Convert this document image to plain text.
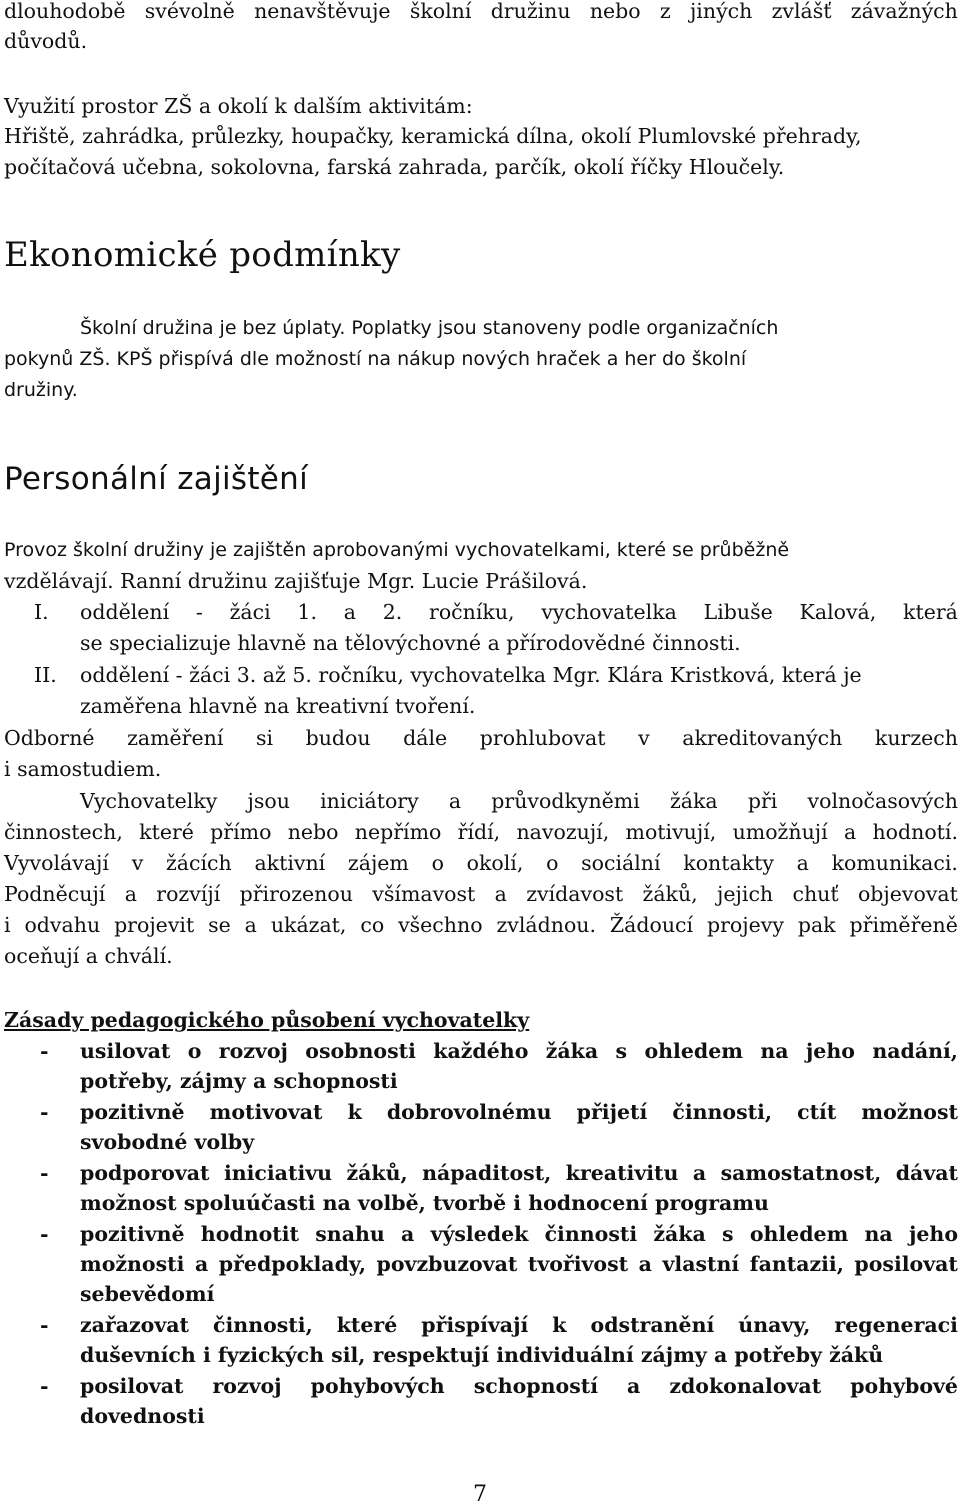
dlouhodobě svévolně nenavštěvuje školní družinu nebo z jiných zvlášť závažných
důvodů.
Využití prostor ZŠ a okolí k dalším aktivitám:
Hřiště, zahrádka, průlezky, houpačky, keramická dílna, okolí Plumlovské přehrady,
počítačová učebna, sokolovna, farská zahrada, parčík, okolí říčky Hloučely.
Ekonomické podmínky
Školní družina je bez úplaty. Poplatky jsou stanoveny podle organizačních
pokynů ZŠ. KPŠ přispívá dle možností na nákup nových hraček a her do školní
družiny.
Personální zajištění
Provoz školní družiny je zajištěn aprobovanými vychovatelkami, které se průběžně
vzdělávají. Ranní družinu zajišťuje Mgr. Lucie Prášilová.
I. oddělení - žáci 1. a 2. ročníku, vychovatelka Libuše Kalová, která
se specializuje hlavně na tělovýchovné a přírodovědné činnosti.
II. oddělení - žáci 3. až 5. ročníku, vychovatelka Mgr. Klára Kristková, která je
zaměřena hlavně na kreativní tvoření.
Odborné zaměření si budou dále prohlubovat v akreditovaných kurzech
i samostudiem.
Vychovatelky jsou iniciátory a průvodkyněmi žáka při volnočasových
činnostech, které přímo nebo nepřímo řídí, navozují, motivují, umožňují a hodnotí.
Vyvolávají v žácích aktivní zájem o okolí, o sociální kontakty a komunikaci.
Podněcují a rozvíjí přirozenou všímavost a zvídavost žáků, jejich chuť objevovat
i odvahu projevit se a ukázat, co všechno zvládnou. Žádoucí projevy pak přiměřeně
oceňují a chválí.
Zásady pedagogického působení vychovatelky
- usilovat o rozvoj osobnosti každého žáka s ohledem na jeho nadání,
potřeby, zájmy a schopnosti
- pozitivně motivovat k dobrovolnému přijetí činnosti, ctít možnost
svobodné volby
- podporovat iniciativu žáků, nápaditost, kreativitu a samostatnost, dávat
možnost spoluúčasti na volbě, tvorbě i hodnocení programu
- pozitivně hodnotit snahu a výsledek činnosti žáka s ohledem na jeho
možnosti a předpoklady, povzbuzovat tvořivost a vlastní fantazii, posilovat
sebevědomí
- zařazovat činnosti, které přispívají k odstranění únavy, regeneraci
duševních i fyzických sil, respektují individuální zájmy a potřeby žáků
- posilovat rozvoj pohybových schopností a zdokonalovat pohybové
dovednosti
7
